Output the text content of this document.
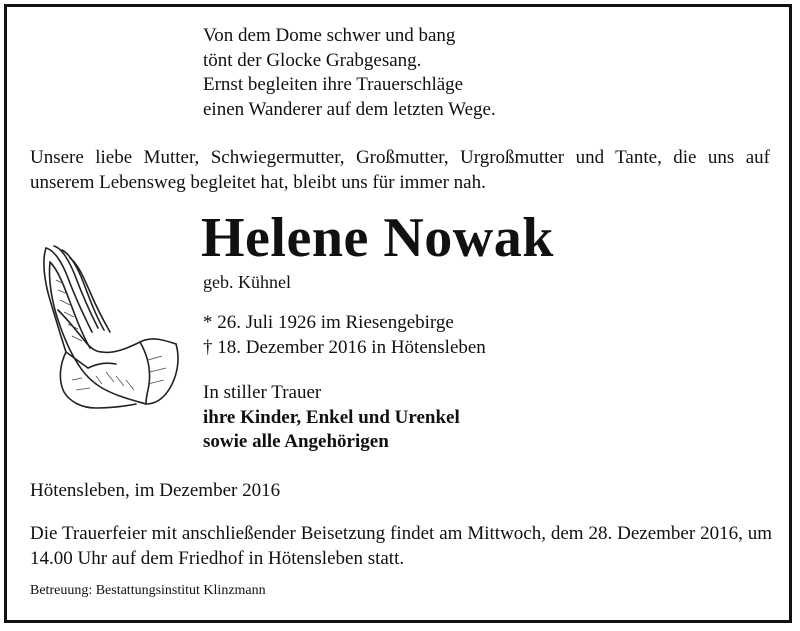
Von dem Dome schwer und bang
tönt der Glocke Grabgesang.
Ernst begleiten ihre Trauerschläge
einen Wanderer auf dem letzten Wege.
Unsere liebe Mutter, Schwiegermutter, Großmutter, Urgroßmutter und Tante, die uns auf unserem Lebensweg begleitet hat, bleibt uns für immer nah.
Helene Nowak
geb. Kühnel
* 26. Juli 1926 im Riesengebirge
† 18. Dezember 2016 in Hötensleben
In stiller Trauer
ihre Kinder, Enkel und Urenkel
sowie alle Angehörigen
Hötensleben, im Dezember 2016
Die Trauerfeier mit anschließender Beisetzung findet am Mittwoch, dem 28. Dezember 2016, um 14.00 Uhr auf dem Friedhof in Hötensleben statt.
Betreuung: Bestattungsinstitut Klinzmann
